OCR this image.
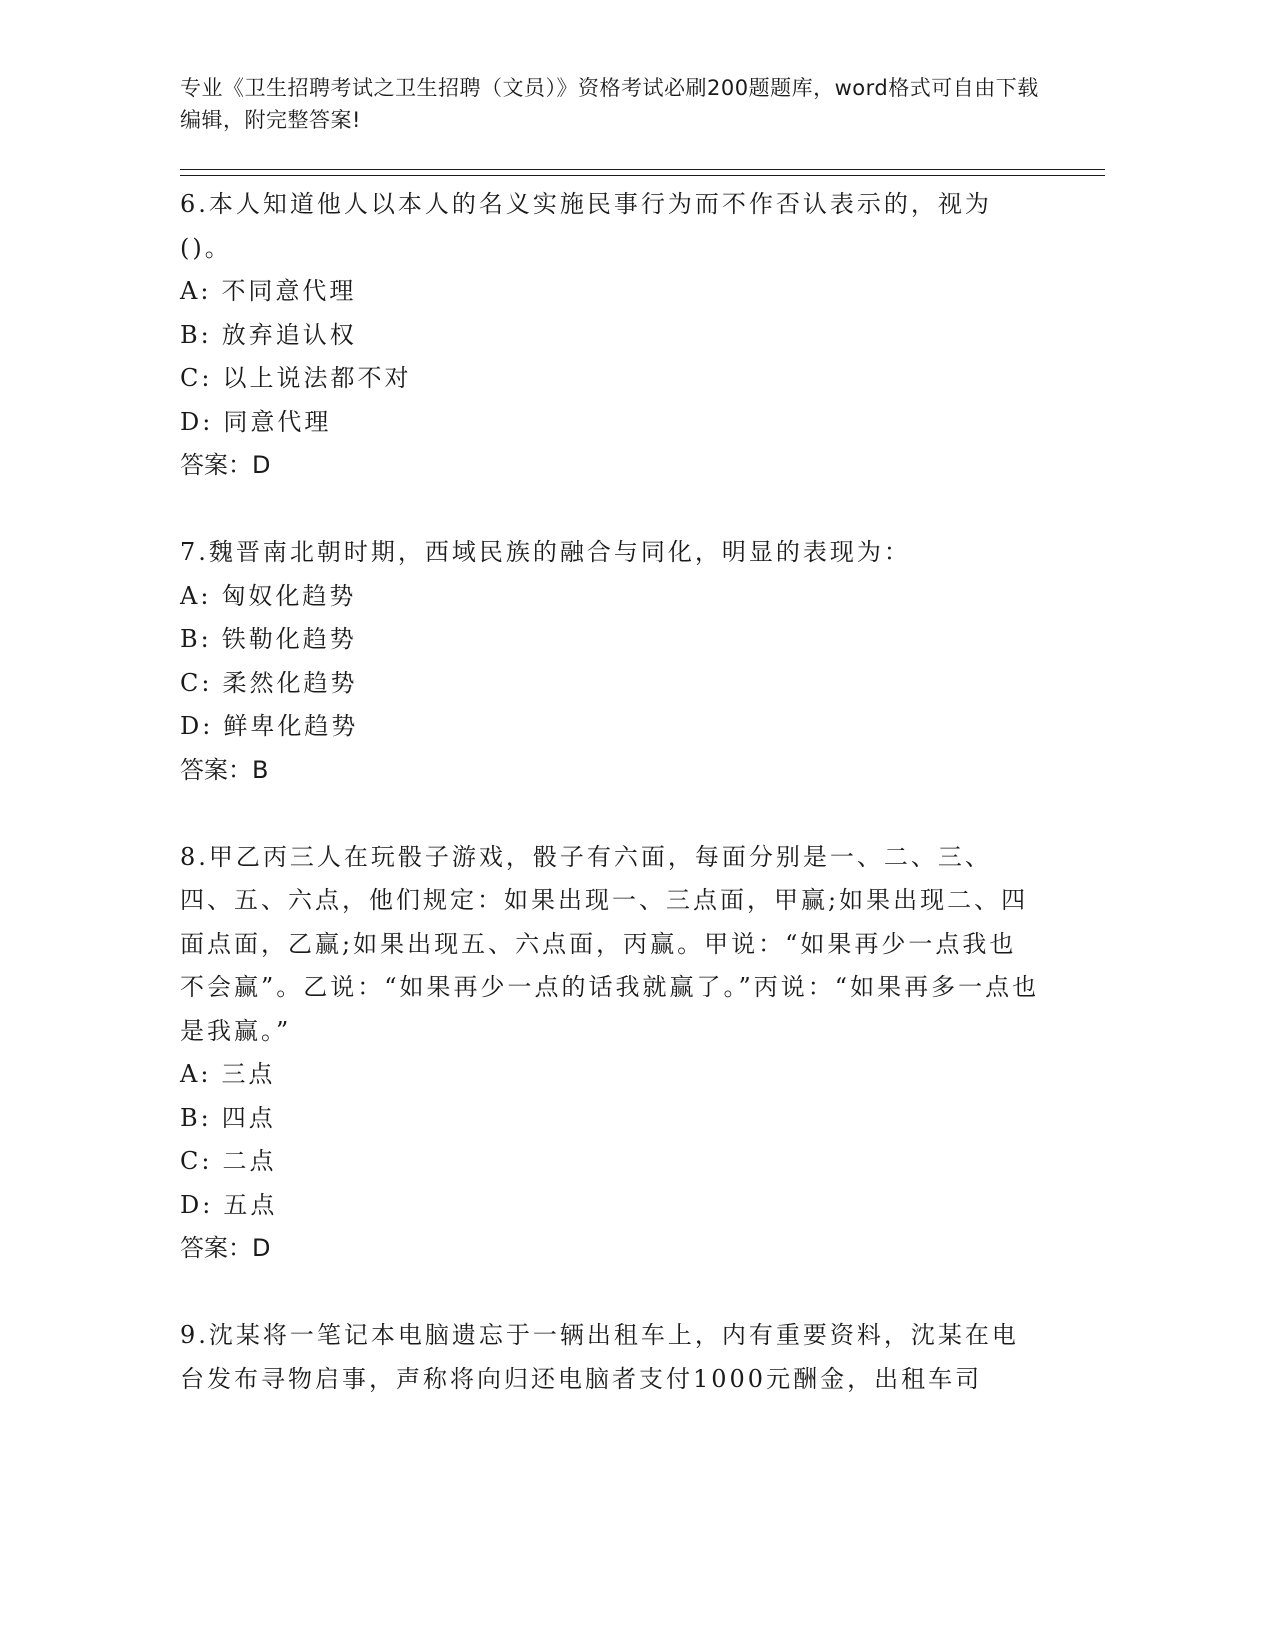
专业《卫生招聘考试之卫生招聘（文员）》资格考试必刷200题题库，word格式可自由下载编辑，附完整答案!

6.本人知道他人以本人的名义实施民事行为而不作否认表示的，视为()。

A: 不同意代理

B: 放弃追认权

C: 以上说法都不对

D: 同意代理

答案：D

7.魏晋南北朝时期，西域民族的融合与同化，明显的表现为：

A: 匈奴化趋势

B: 铁勒化趋势

C: 柔然化趋势

D: 鲜卑化趋势

答案：B

8.甲乙丙三人在玩骰子游戏，骰子有六面，每面分别是一、二、三、四、五、六点，他们规定：如果出现一、三点面，甲赢;如果出现二、四面点面，乙赢;如果出现五、六点面，丙赢。甲说：“如果再少一点我也不会赢”。乙说：“如果再少一点的话我就赢了。”丙说：“如果再多一点也是我赢。”

A: 三点

B: 四点

C: 二点

D: 五点

答案：D

9.沈某将一笔记本电脑遗忘于一辆出租车上，内有重要资料，沈某在电台发布寻物启事，声称将向归还电脑者支付1000元酬金，出租车司
